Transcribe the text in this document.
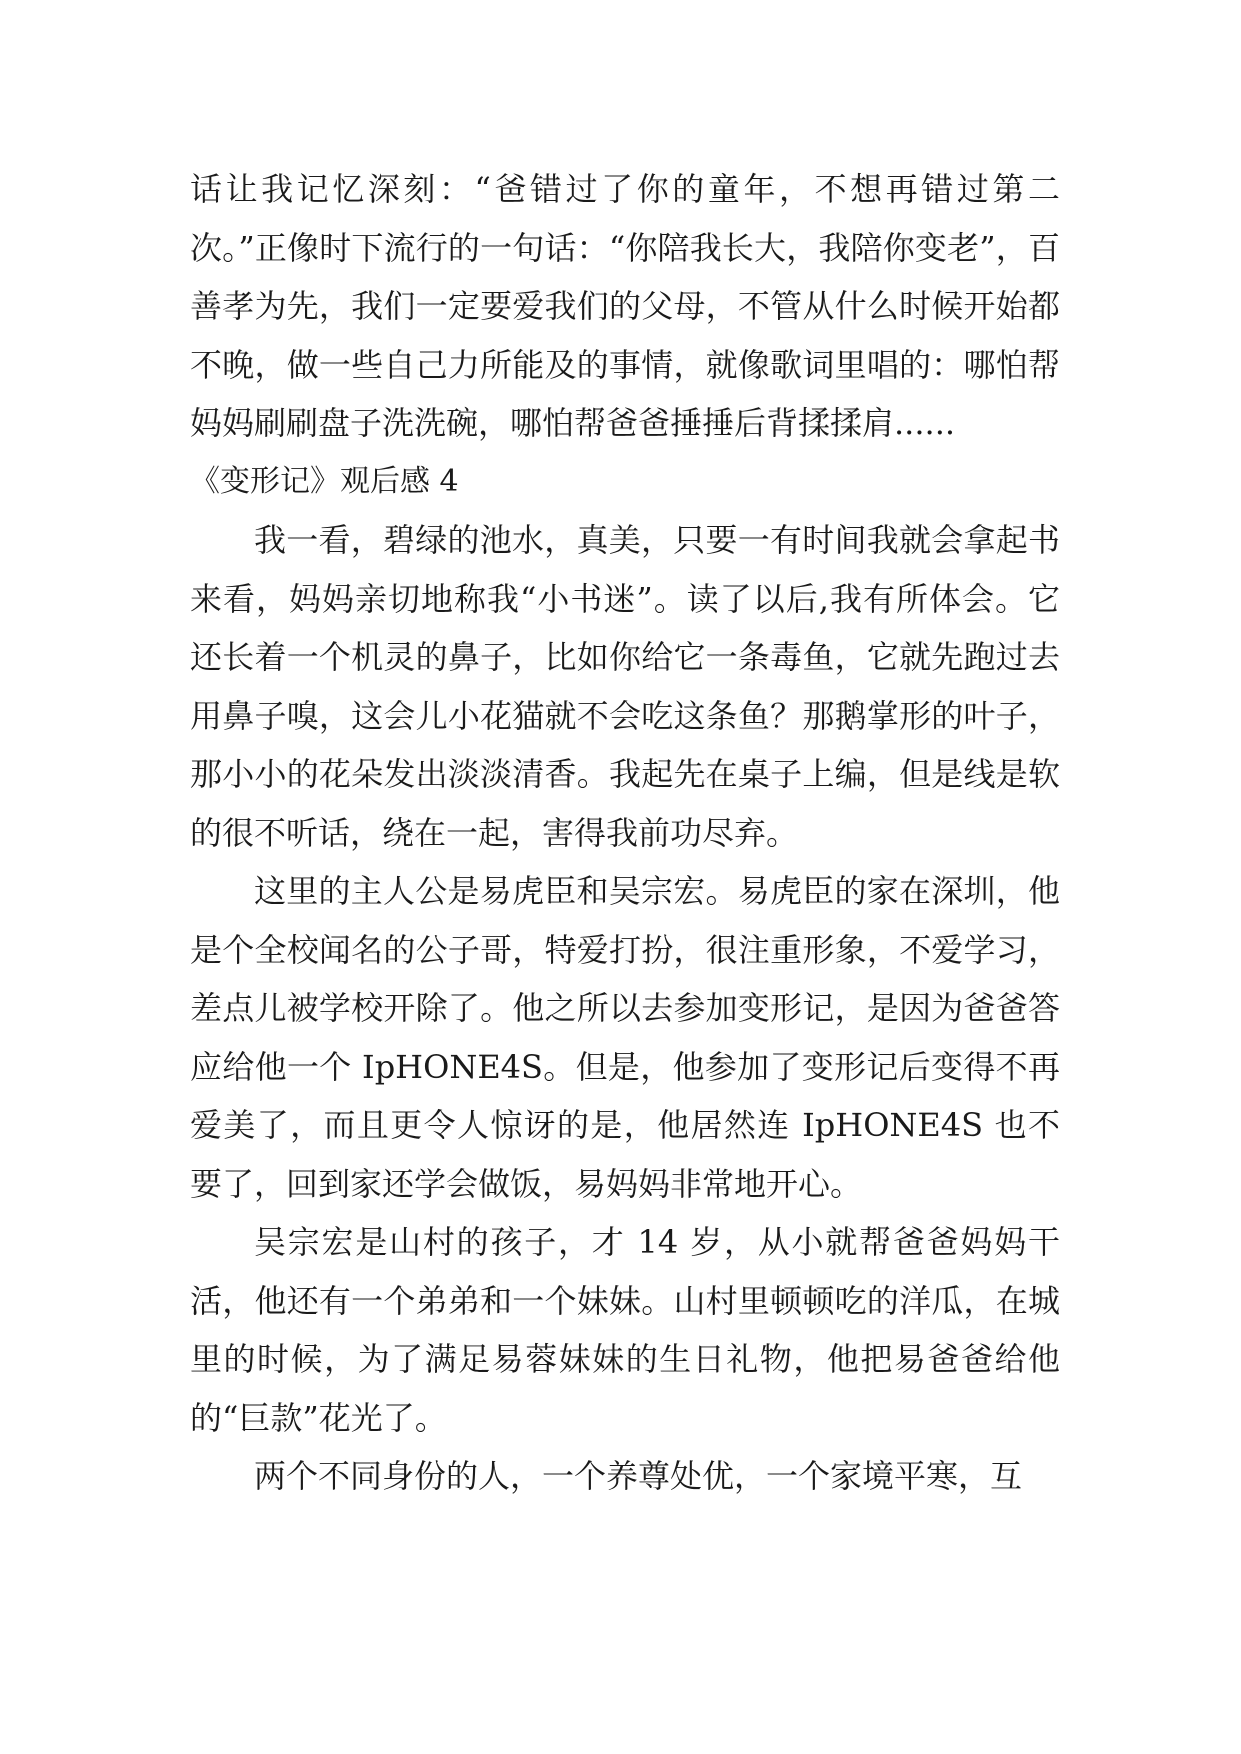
话让我记忆深刻：“爸错过了你的童年，不想再错过第二次。”正像时下流行的一句话：“你陪我长大，我陪你变老”，百善孝为先，我们一定要爱我们的父母，不管从什么时候开始都不晚，做一些自己力所能及的事情，就像歌词里唱的：哪怕帮妈妈刷刷盘子洗洗碗，哪怕帮爸爸捶捶后背揉揉肩......

《变形记》观后感 4

我一看，碧绿的池水，真美，只要一有时间我就会拿起书来看，妈妈亲切地称我“小书迷”。读了以后,我有所体会。它还长着一个机灵的鼻子，比如你给它一条毒鱼，它就先跑过去用鼻子嗅，这会儿小花猫就不会吃这条鱼？那鹅掌形的叶子，那小小的花朵发出淡淡清香。我起先在桌子上编，但是线是软的很不听话，绕在一起，害得我前功尽弃。

这里的主人公是易虎臣和吴宗宏。易虎臣的家在深圳，他是个全校闻名的公子哥，特爱打扮，很注重形象，不爱学习，差点儿被学校开除了。他之所以去参加变形记，是因为爸爸答应给他一个 IpHONE4S。但是，他参加了变形记后变得不再爱美了，而且更令人惊讶的是，他居然连 IpHONE4S 也不要了，回到家还学会做饭，易妈妈非常地开心。

吴宗宏是山村的孩子，才 14 岁，从小就帮爸爸妈妈干活，他还有一个弟弟和一个妹妹。山村里顿顿吃的洋瓜，在城里的时候，为了满足易蓉妹妹的生日礼物，他把易爸爸给他的“巨款”花光了。

两个不同身份的人，一个养尊处优，一个家境平寒，互
